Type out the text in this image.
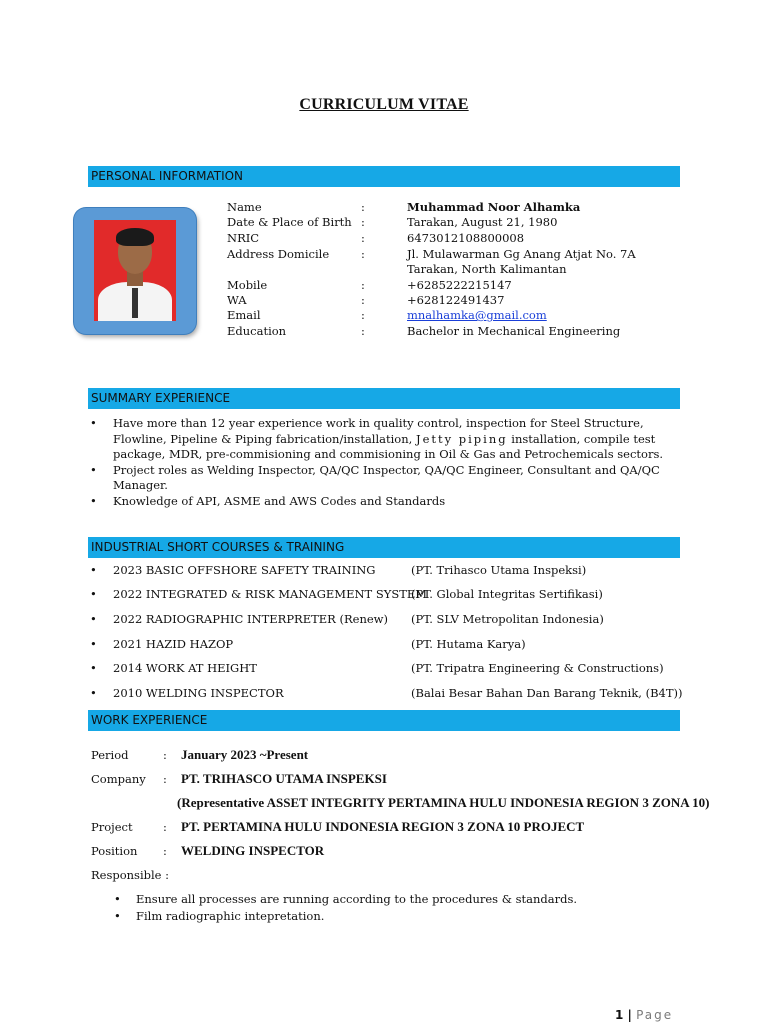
CURRICULUM VITAE
PERSONAL INFORMATION
Name	:	Muhammad Noor Alhamka
Date & Place of Birth :	Tarakan, August 21, 1980
NRIC	:	6473012108800008
Address Domicile	:	Jl. Mulawarman Gg Anang Atjat No. 7A
Tarakan, North Kalimantan
Mobile	:	+6285222215147
WA	:	+628122491437
Email	:	mnalhamka@gmail.com
Education	:	Bachelor in Mechanical Engineering
SUMMARY EXPERIENCE
• Have more than 12 year experience work in quality control, inspection for Steel Structure,
Flowline, Pipeline & Piping fabrication/installation, Jetty piping installation, compile test
package, MDR, pre-commisioning and commisioning in Oil & Gas and Petrochemicals sectors.
• Project roles as Welding Inspector, QA/QC Inspector, QA/QC Engineer, Consultant and QA/QC
Manager.
• Knowledge of API, ASME and AWS Codes and Standards
INDUSTRIAL SHORT COURSES & TRAINING
• 2023 BASIC OFFSHORE SAFETY TRAINING	(PT. Trihasco Utama Inspeksi)
• 2022 INTEGRATED & RISK MANAGEMENT SYSTEM
(PT. Global Integritas Sertifikasi)
• 2022 RADIOGRAPHIC INTERPRETER (Renew) (PT. SLV Metropolitan Indonesia)
• 2021 HAZID HAZOP	(PT. Hutama Karya)
• 2014 WORK AT HEIGHT	(PT. Tripatra Engineering & Constructions)
• 2010 WELDING INSPECTOR	(Balai Besar Bahan Dan Barang Teknik, (B4T))
WORK EXPERIENCE
Period	: January 2023 ~Present
Company : PT. TRIHASCO UTAMA INSPEKSI
(Representative ASSET INTEGRITY PERTAMINA HULU INDONESIA REGION 3 ZONA 10)
Project	: PT. PERTAMINA HULU INDONESIA REGION 3 ZONA 10 PROJECT
Position : WELDING INSPECTOR
Responsible :
• Ensure all processes are running according to the procedures & standards.
• Film radiographic intepretation.
1 | Page
